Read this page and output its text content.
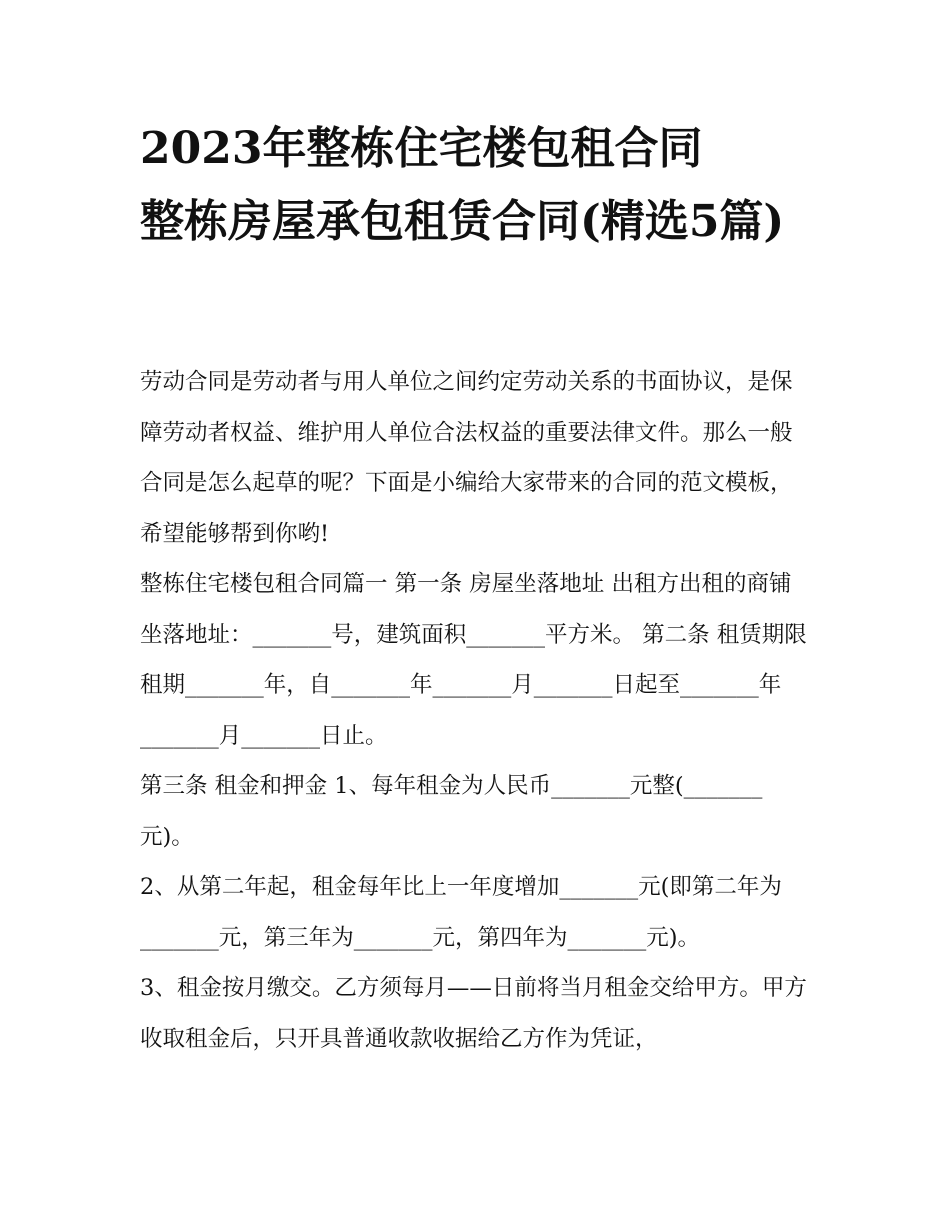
2023年整栋住宅楼包租合同
整栋房屋承包租赁合同(精选5篇)

劳动合同是劳动者与用人单位之间约定劳动关系的书面协议，是保障劳动者权益、维护用人单位合法权益的重要法律文件。那么一般合同是怎么起草的呢？下面是小编给大家带来的合同的范文模板，希望能够帮到你哟!

整栋住宅楼包租合同篇一 第一条 房屋坐落地址 出租方出租的商铺坐落地址：_______号，建筑面积_______平方米。 第二条 租赁期限

租期_______年，自_______年_______月_______日起至_______年_______月_______日止。

第三条 租金和押金 1、每年租金为人民币_______元整(_______元)。

2、从第二年起，租金每年比上一年度增加_______元(即第二年为_______元，第三年为_______元，第四年为_______元)。

3、租金按月缴交。乙方须每月——日前将当月租金交给甲方。甲方收取租金后，只开具普通收款收据给乙方作为凭证，
